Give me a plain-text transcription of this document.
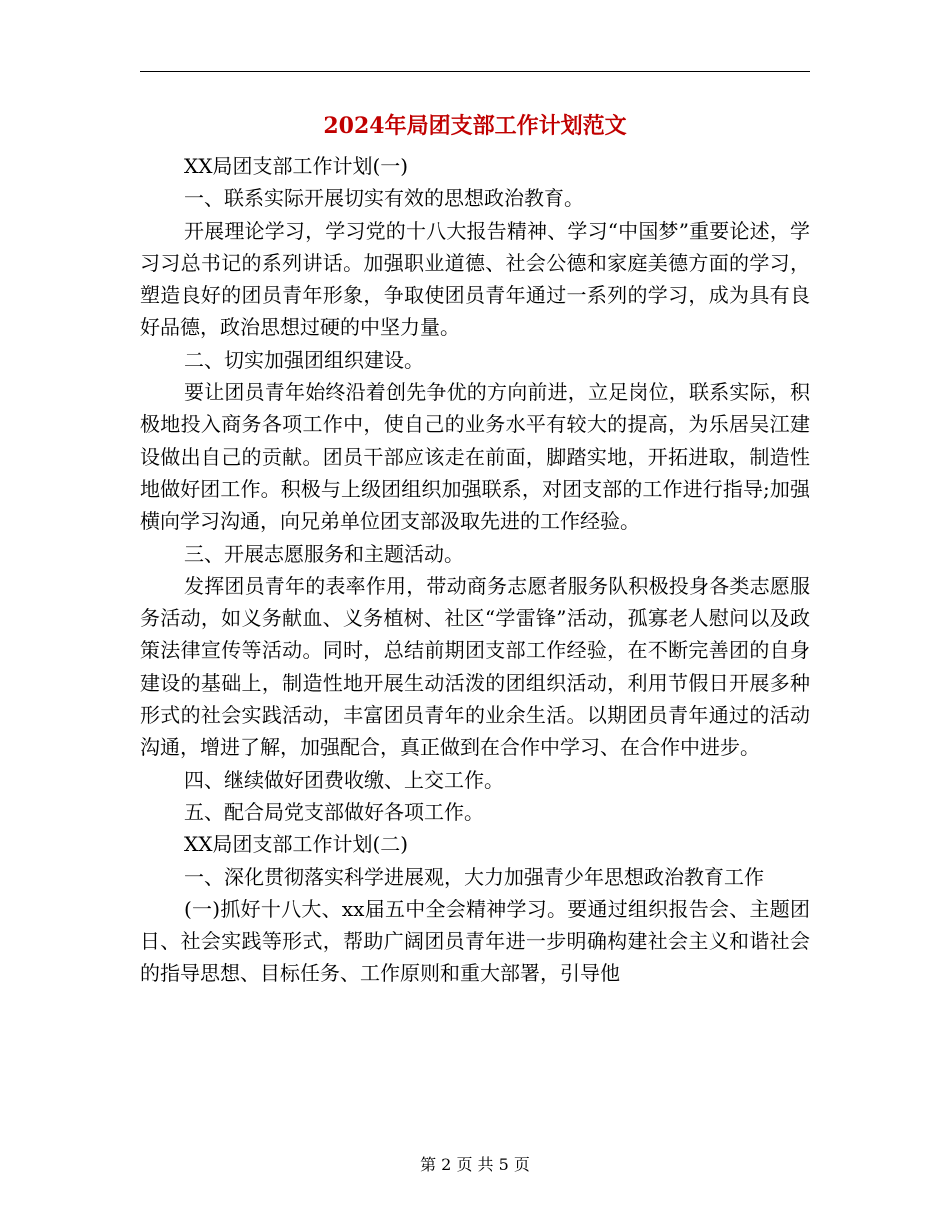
2024年局团支部工作计划范文

XX局团支部工作计划(一)

一、联系实际开展切实有效的思想政治教育。

开展理论学习，学习党的十八大报告精神、学习“中国梦”重要论述，学习习总书记的系列讲话。加强职业道德、社会公德和家庭美德方面的学习，塑造良好的团员青年形象，争取使团员青年通过一系列的学习，成为具有良好品德，政治思想过硬的中坚力量。

二、切实加强团组织建设。

要让团员青年始终沿着创先争优的方向前进，立足岗位，联系实际，积极地投入商务各项工作中，使自己的业务水平有较大的提高，为乐居吴江建设做出自己的贡献。团员干部应该走在前面，脚踏实地，开拓进取，制造性地做好团工作。积极与上级团组织加强联系，对团支部的工作进行指导;加强横向学习沟通，向兄弟单位团支部汲取先进的工作经验。

三、开展志愿服务和主题活动。

发挥团员青年的表率作用，带动商务志愿者服务队积极投身各类志愿服务活动，如义务献血、义务植树、社区“学雷锋”活动，孤寡老人慰问以及政策法律宣传等活动。同时，总结前期团支部工作经验，在不断完善团的自身建设的基础上，制造性地开展生动活泼的团组织活动，利用节假日开展多种形式的社会实践活动，丰富团员青年的业余生活。以期团员青年通过的活动沟通，增进了解，加强配合，真正做到在合作中学习、在合作中进步。

四、继续做好团费收缴、上交工作。

五、配合局党支部做好各项工作。

XX局团支部工作计划(二)

一、深化贯彻落实科学进展观，大力加强青少年思想政治教育工作

(一)抓好十八大、xx届五中全会精神学习。要通过组织报告会、主题团日、社会实践等形式，帮助广阔团员青年进一步明确构建社会主义和谐社会的指导思想、目标任务、工作原则和重大部署，引导他

第 2 页 共 5 页
